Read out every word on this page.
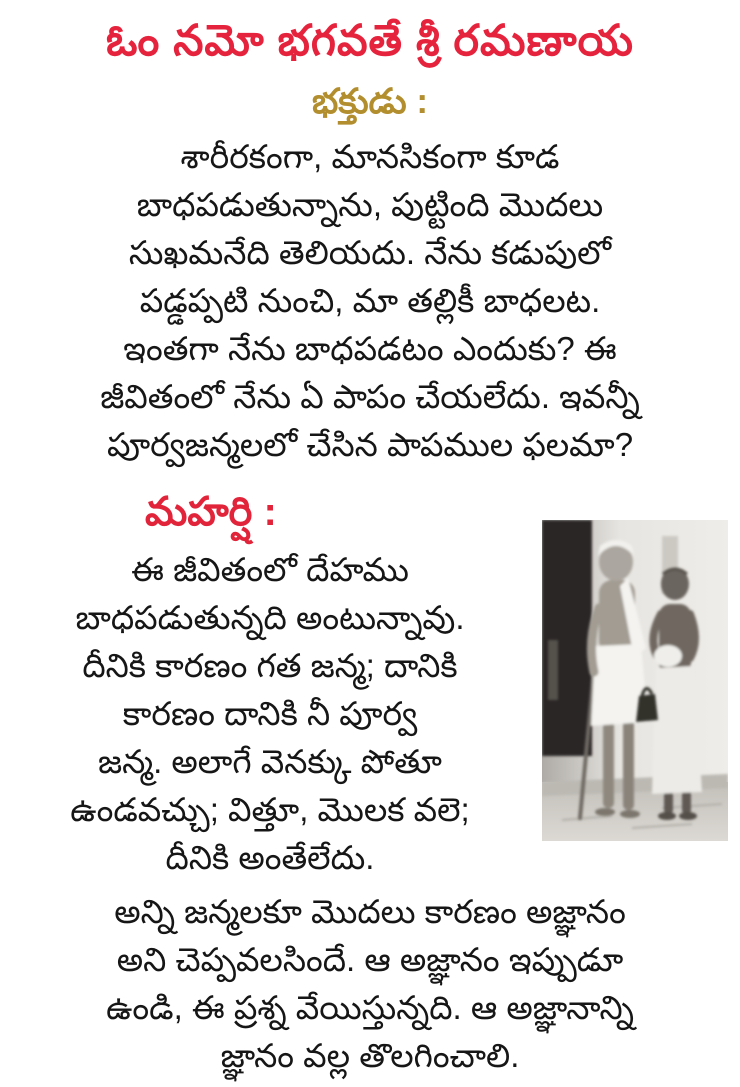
ఓం నమో భగవతే శ్రీ రమణాయ
భక్తుడు :
శారీరకంగా, మానసికంగా కూడ
బాధపడుతున్నాను, పుట్టింది మొదలు
సుఖమనేది తెలియదు. నేను కడుపులో
పడ్డప్పటి నుంచి, మా తల్లికీ బాధలట.
ఇంతగా నేను బాధపడటం ఎందుకు? ఈ
జీవితంలో నేను ఏ పాపం చేయలేదు. ఇవన్నీ
పూర్వజన్మలలో చేసిన పాపముల ఫలమా?
మహర్షి :
ఈ జీవితంలో దేహము
బాధపడుతున్నది అంటున్నావు.
దీనికి కారణం గత జన్మ; దానికి
కారణం దానికి నీ పూర్వ
జన్మ. అలాగే వెనక్కు పోతూ
ఉండవచ్చు; విత్తూ, మొలక వలె;
దీనికి అంతేలేదు.
అన్ని జన్మలకూ మొదలు కారణం అజ్ఞానం
అని చెప్పవలసిందే. ఆ అజ్ఞానం ఇప్పుడూ
ఉండి, ఈ ప్రశ్న వేయిస్తున్నది. ఆ అజ్ఞానాన్ని
జ్ఞానం వల్ల తొలగించాలి.
